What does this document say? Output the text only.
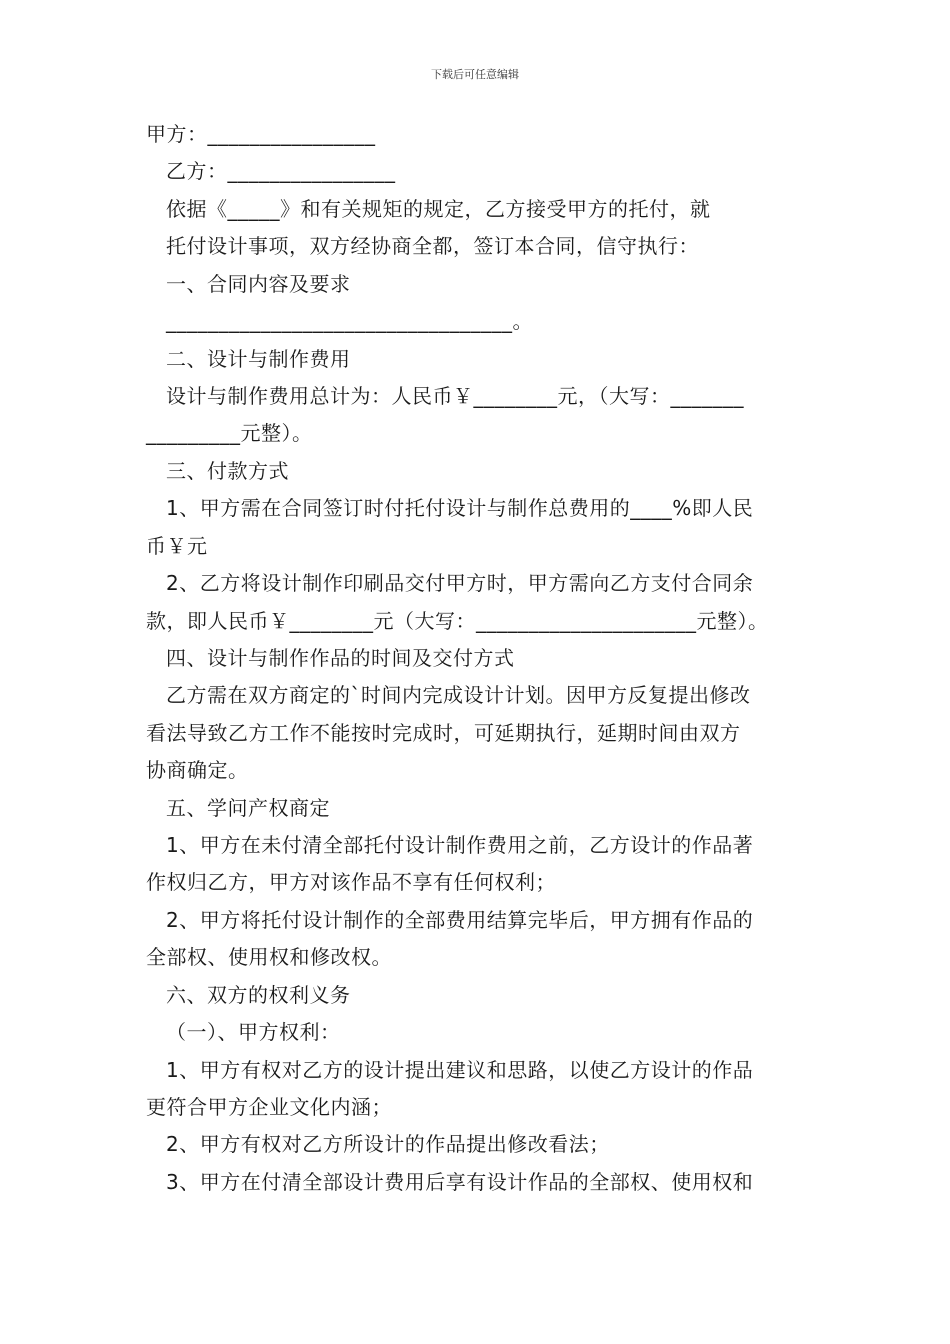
下载后可任意编辑
甲方：________________
乙方：________________
依据《_____》和有关规矩的规定，乙方接受甲方的托付，就
托付设计事项，双方经协商全都，签订本合同，信守执行：
一、合同内容及要求
_________________________________。
二、设计与制作费用
设计与制作费用总计为：人民币￥________元，（大写：_______
_________元整）。
三、付款方式
1、甲方需在合同签订时付托付设计与制作总费用的____%即人民
币￥元
2、乙方将设计制作印刷品交付甲方时，甲方需向乙方支付合同余
款，即人民币￥________元（大写：_____________________元整）。
四、设计与制作作品的时间及交付方式
乙方需在双方商定的`时间内完成设计计划。因甲方反复提出修改
看法导致乙方工作不能按时完成时，可延期执行，延期时间由双方
协商确定。
五、学问产权商定
1、甲方在未付清全部托付设计制作费用之前，乙方设计的作品著
作权归乙方，甲方对该作品不享有任何权利；
2、甲方将托付设计制作的全部费用结算完毕后，甲方拥有作品的
全部权、使用权和修改权。
六、双方的权利义务
（一）、甲方权利：
1、甲方有权对乙方的设计提出建议和思路，以使乙方设计的作品
更符合甲方企业文化内涵；
2、甲方有权对乙方所设计的作品提出修改看法；
3、甲方在付清全部设计费用后享有设计作品的全部权、使用权和
